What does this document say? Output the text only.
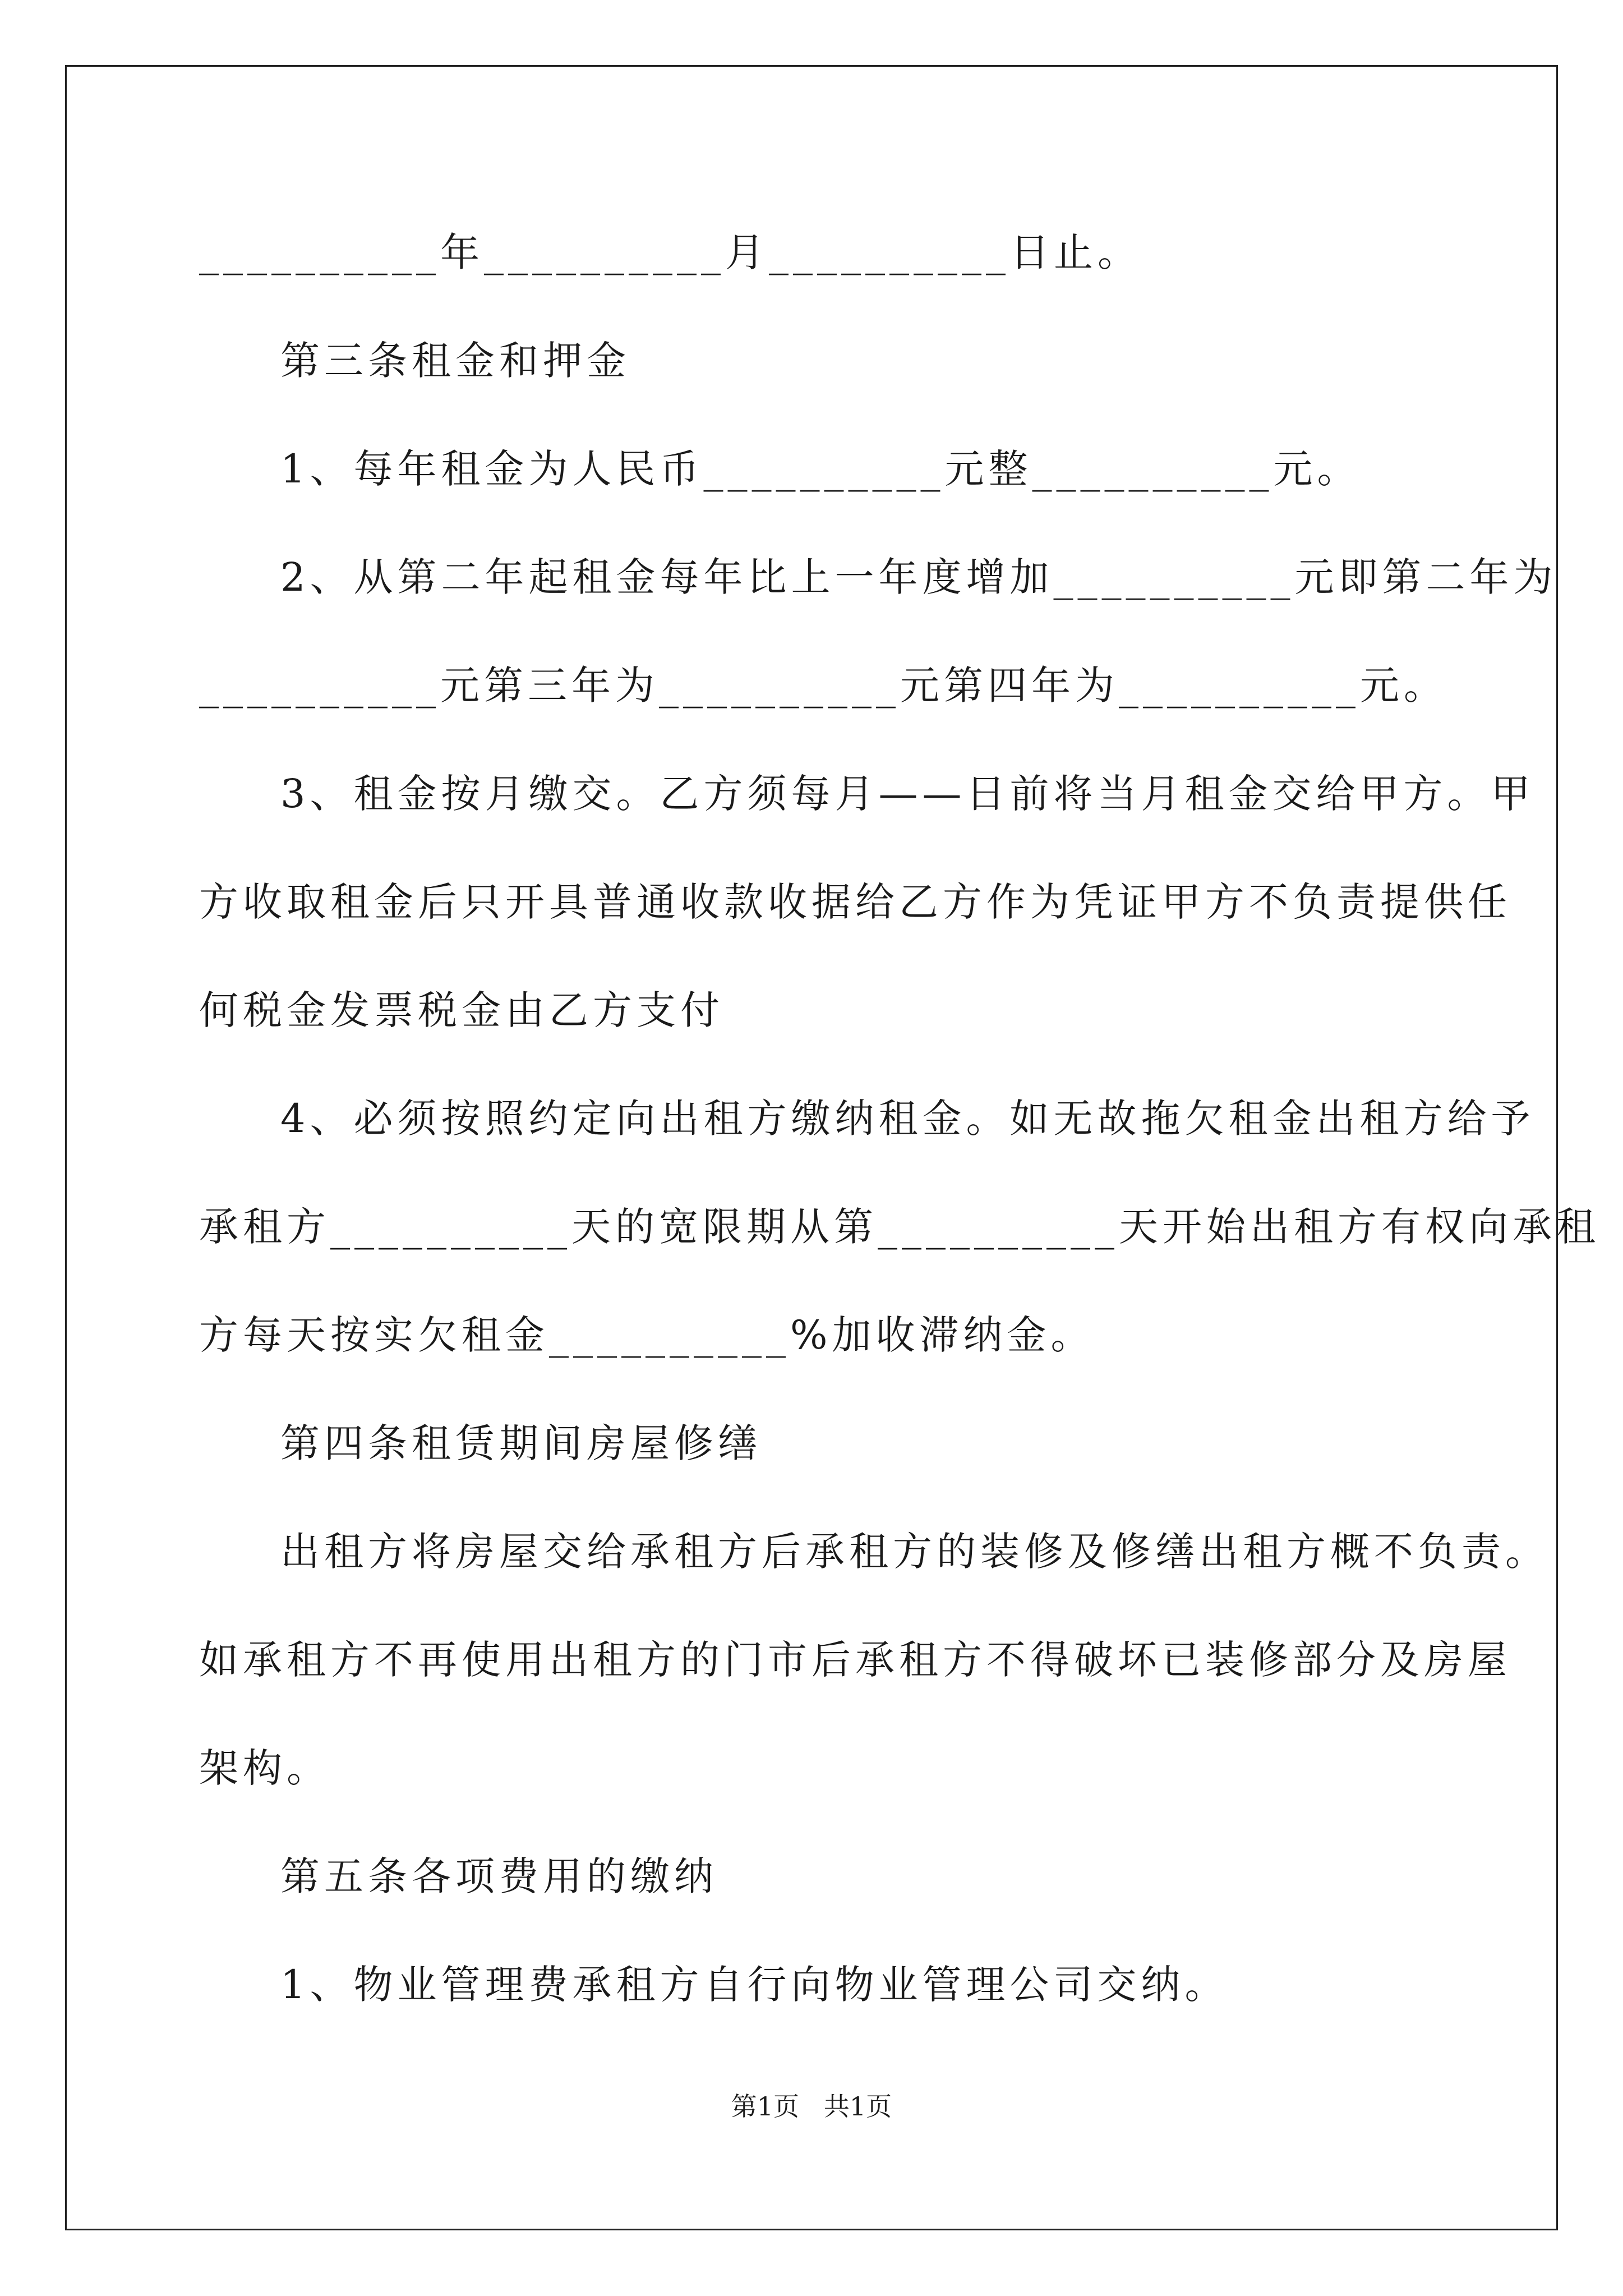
__________年__________月__________日止。
第三条租金和押金
1、每年租金为人民币__________元整__________元。
2、从第二年起租金每年比上一年度增加__________元即第二年为
__________元第三年为__________元第四年为__________元。
3、租金按月缴交。乙方须每月——日前将当月租金交给甲方。甲
方收取租金后只开具普通收款收据给乙方作为凭证甲方不负责提供任
何税金发票税金由乙方支付
4、必须按照约定向出租方缴纳租金。如无故拖欠租金出租方给予
承租方__________天的宽限期从第__________天开始出租方有权向承租
方每天按实欠租金__________%加收滞纳金。
第四条租赁期间房屋修缮
出租方将房屋交给承租方后承租方的装修及修缮出租方概不负责。
如承租方不再使用出租方的门市后承租方不得破坏已装修部分及房屋
架构。
第五条各项费用的缴纳
1、物业管理费承租方自行向物业管理公司交纳。
第1页   共1页
